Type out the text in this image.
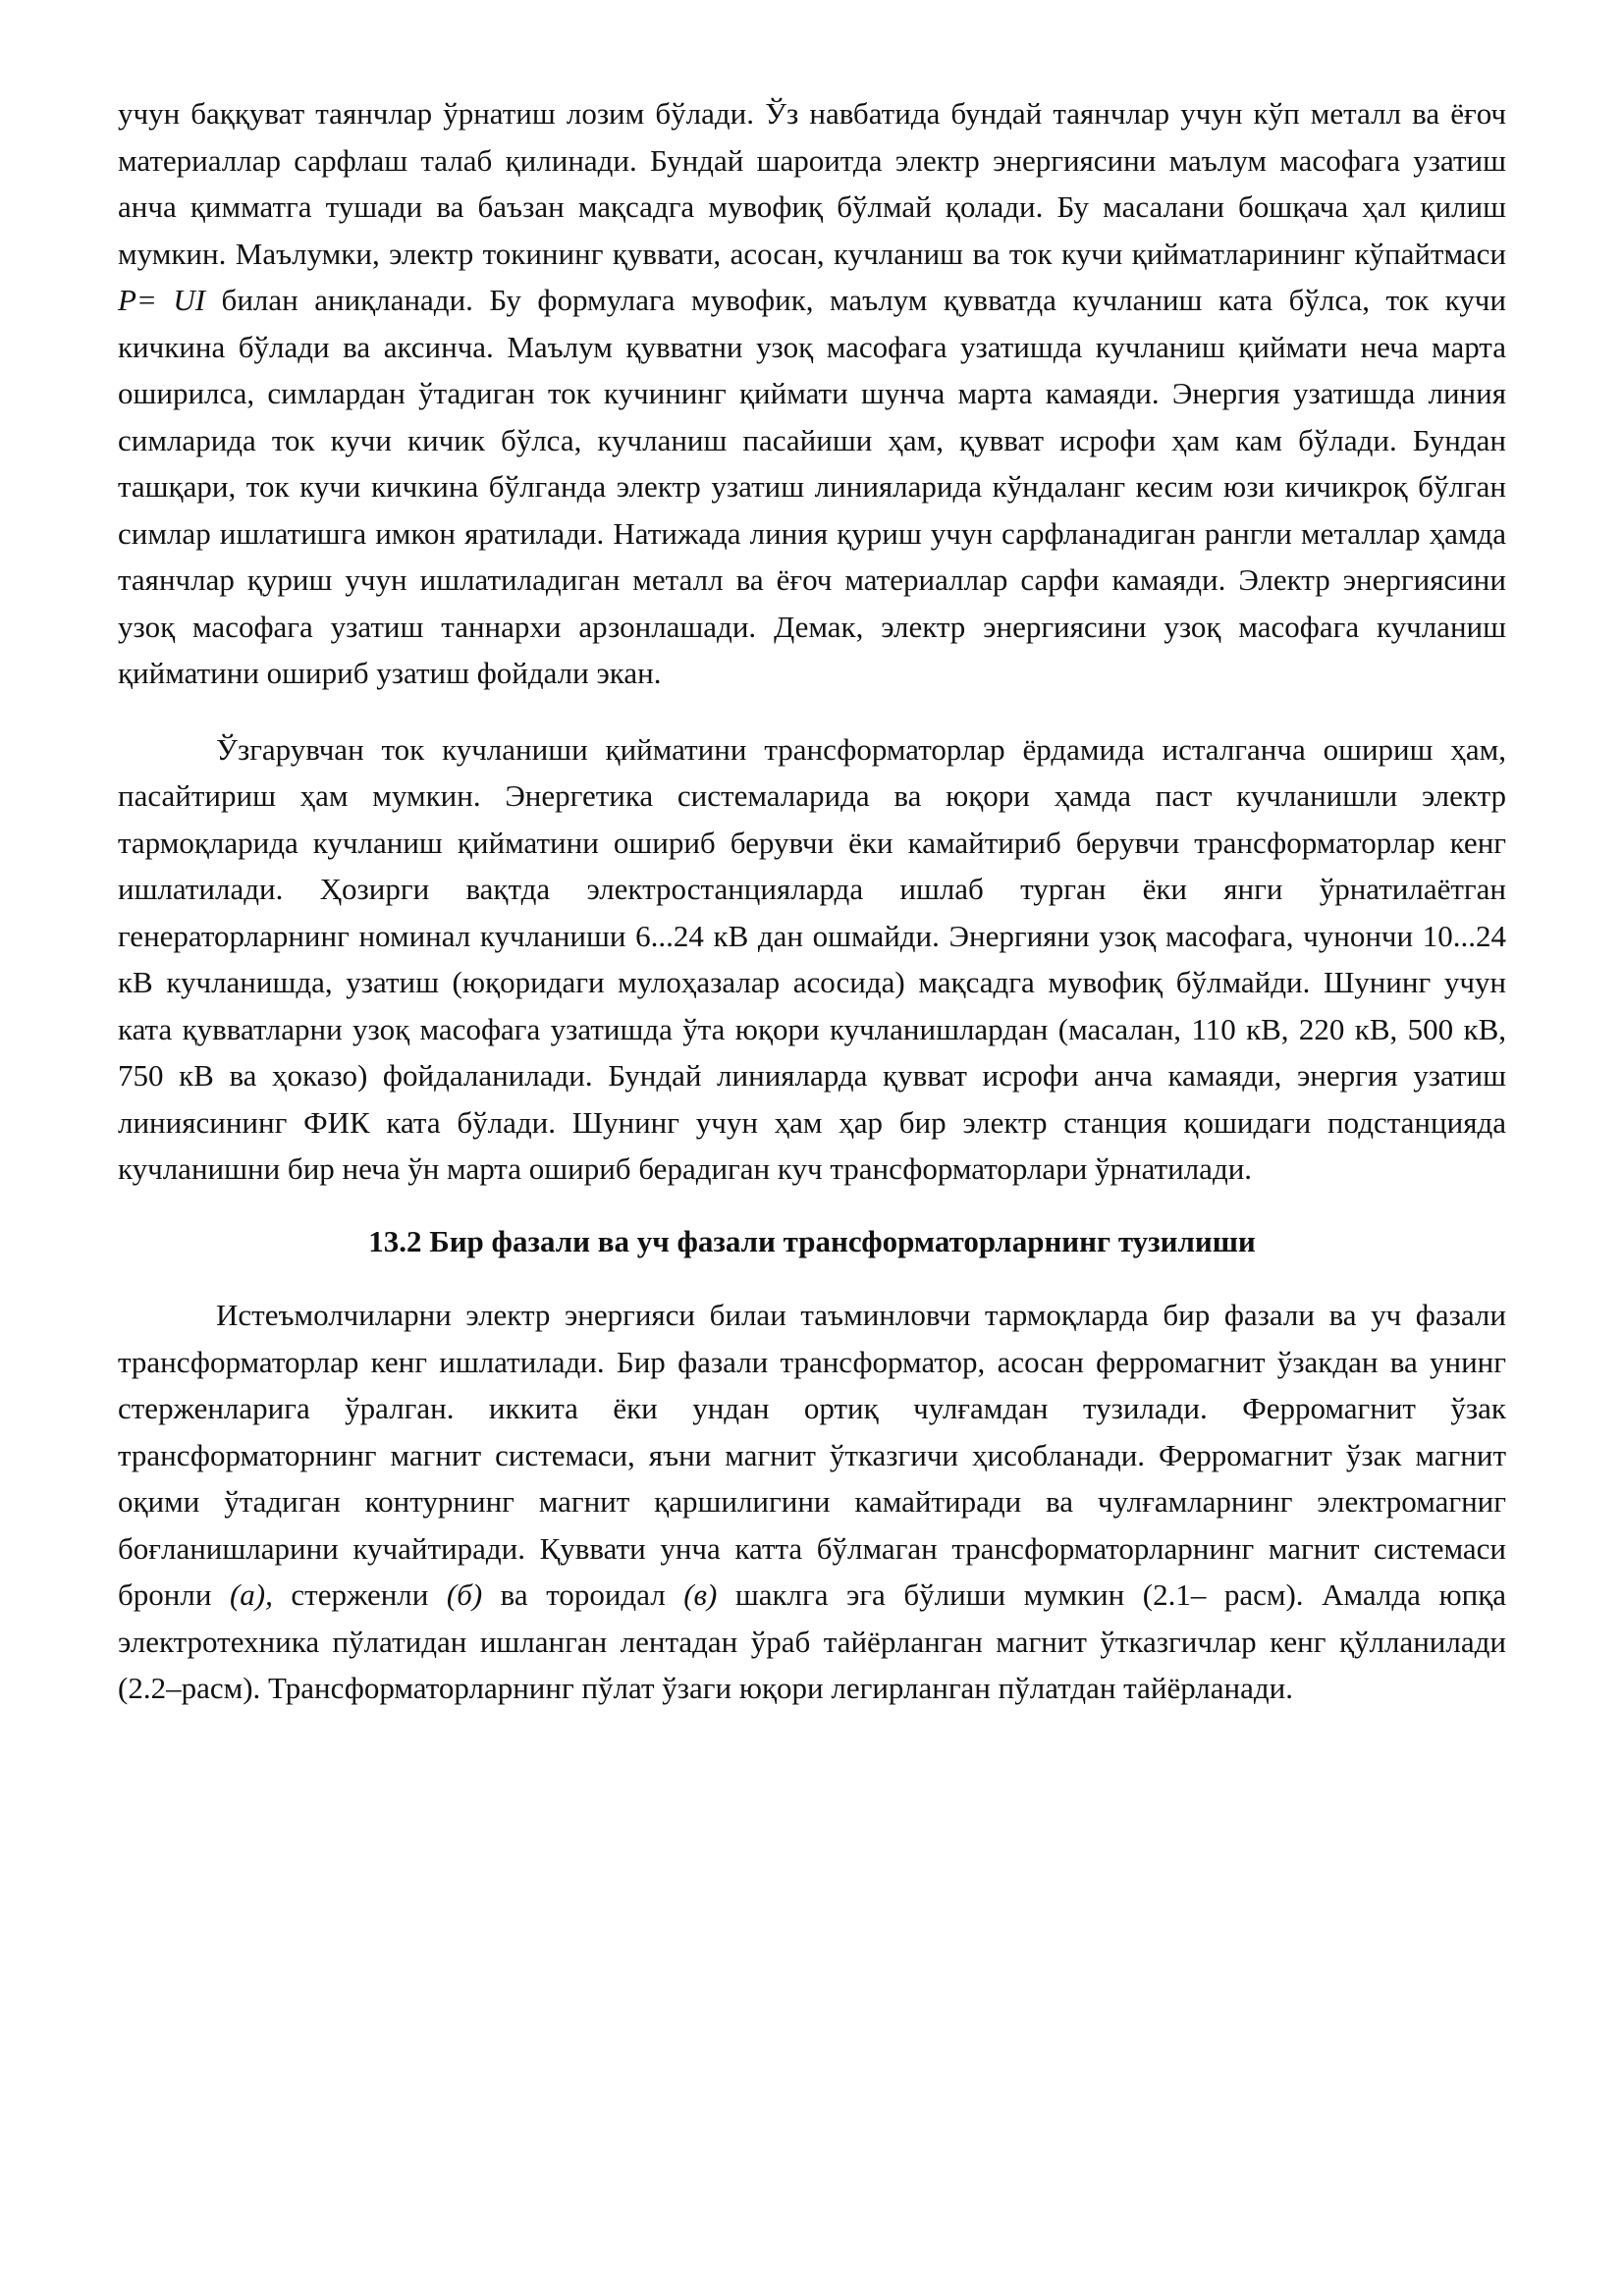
учун баққуват таянчлар ўрнатиш лозим бўлади. Ўз навбатида бундай таянчлар учун кўп металл ва ёғоч материаллар сарфлаш талаб қилинади. Бундай шароитда электр энергиясини маълум масофага узатиш анча қимматга тушади ва баъзан мақсадга мувофиқ бўлмай қолади. Бу масалани бошқача ҳал қилиш мумкин. Маълумки, электр токининг қуввати, асосан, кучланиш ва ток кучи қийматларининг кўпайтмаси P= UI билан аниқланади. Бу формулага мувофик, маълум қувватда кучланиш ката бўлса, ток кучи кичкина бўлади ва аксинча. Маълум қувватни узоқ масофага узатишда кучланиш қиймати неча марта оширилса, симлардан ўтадиган ток кучининг қиймати шунча марта камаяди. Энергия узатишда линия симларида ток кучи кичик бўлса, кучланиш пасайиши ҳам, қувват исрофи ҳам кам бўлади. Бундан ташқари, ток кучи кичкина бўлганда электр узатиш линияларида кўндаланг кесим юзи кичикроқ бўлган симлар ишлатишга имкон яратилади. Натижада линия қуриш учун сарфланадиган рангли металлар ҳамда таянчлар қуриш учун ишлатиладиган металл ва ёғоч материаллар сарфи камаяди. Электр энергиясини узоқ масофага узатиш таннархи арзонлашади. Демак, электр энергиясини узоқ масофага кучланиш қийматини ошириб узатиш фойдали экан.

Ўзгарувчан ток кучланиши қийматини трансформаторлар ёрдамида исталганча ошириш ҳам, пасайтириш ҳам мумкин. Энергетика системаларида ва юқори ҳамда паст кучланишли электр тармоқларида кучланиш қийматини ошириб берувчи ёки камайтириб берувчи трансформаторлар кенг ишлатилади. Ҳозирги вақтда электростанцияларда ишлаб турган ёки янги ўрнатилаётган генераторларнинг номинал кучланиши 6...24 кВ дан ошмайди. Энергияни узоқ масофага, чунончи 10...24 кВ кучланишда, узатиш (юқоридаги мулоҳазалар асосида) мақсадга мувофиқ бўлмайди. Шунинг учун ката қувватларни узоқ масофага узатишда ўта юқори кучланишлардан (масалан, 110 кВ, 220 кВ, 500 кВ, 750 кВ ва ҳоказо) фойдаланилади. Бундай линияларда қувват исрофи анча камаяди, энергия узатиш линиясининг ФИК ката бўлади. Шунинг учун ҳам ҳар бир электр станция қошидаги подстанцияда кучланишни бир неча ўн марта ошириб берадиган куч трансформаторлари ўрнатилади.

13.2 Бир фазали ва уч фазали трансформаторларнинг тузилиши

Истеъмолчиларни электр энергияси билаи таъминловчи тармоқларда бир фазали ва уч фазали трансформаторлар кенг ишлатилади. Бир фазали трансформатор, асосан ферромагнит ўзакдан ва унинг стерженларига ўралган. иккита ёки ундан ортиқ чулғамдан тузилади. Ферромагнит ўзак трансформаторнинг магнит системаси, яъни магнит ўтказгичи ҳисобланади. Ферромагнит ўзак магнит оқими ўтадиган контурнинг магнит қаршилигини камайтиради ва чулғамларнинг электромагниг боғланишларини кучайтиради. Қуввати унча катта бўлмаган трансформаторларнинг магнит системаси бронли (а), стерженли (б) ва тороидал (в) шаклга эга бўлиши мумкин (2.1– расм). Амалда юпқа электротехника пўлатидан ишланган лентадан ўраб тайёрланган магнит ўтказгичлар кенг қўлланилади (2.2–расм). Трансформаторларнинг пўлат ўзаги юқори легирланган пўлатдан тайёрланади.
